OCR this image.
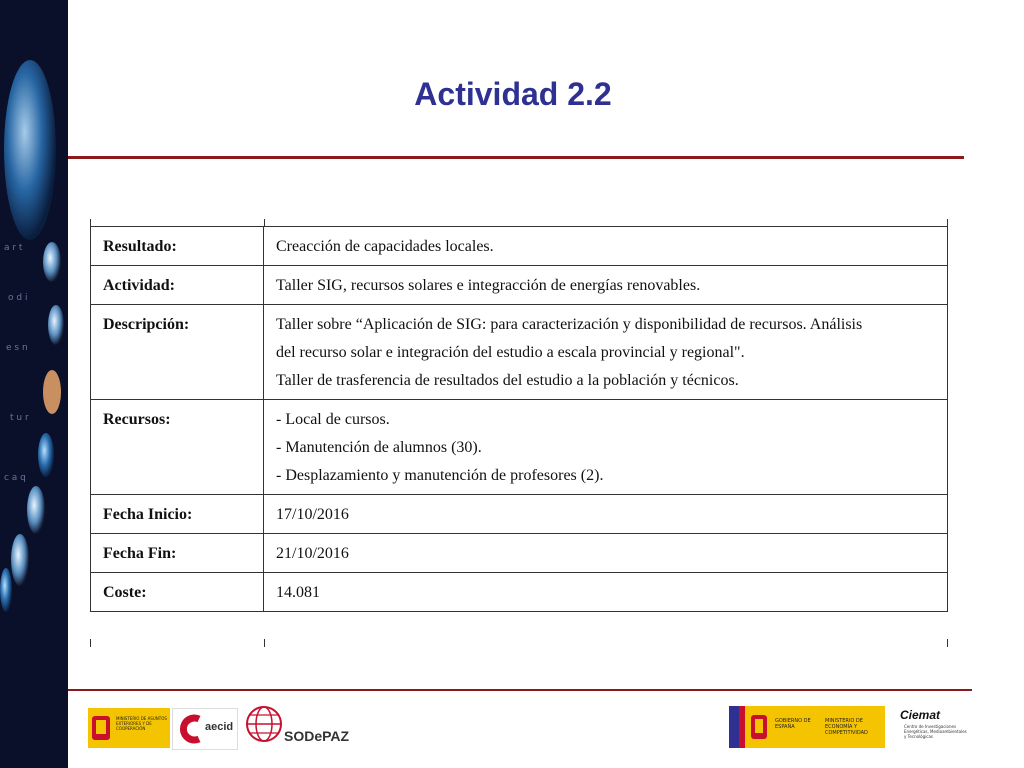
a r t
o d i
e s n
t u r
c a q
Actividad 2.2
Resultado:	Creacción de capacidades locales.

Actividad:	Taller SIG, recursos solares e integracción de energías renovables.

Descripción:	Taller sobre “Aplicación de SIG: para caracterización y disponibilidad de recursos. Análisis
del recurso solar e integración del estudio a escala provincial y regional".
Taller de trasferencia de resultados del estudio a la población y técnicos.

Recursos:	- Local de cursos.
- Manutención de alumnos (30).
- Desplazamiento y manutención de profesores (2).

Fecha Inicio:	17/10/2016

Fecha Fin:	21/10/2016

Coste:	14.081
MINISTERIO DE ASUNTOS EXTERIORES Y DE COOPERACIÓN	aecid
SODePAZ
GOBIERNO DE ESPAÑA
MINISTERIO DE ECONOMÍA Y COMPETITIVIDAD
Ciemat
Centro de Investigaciones Energéticas, Medioambientales y Tecnológicas
